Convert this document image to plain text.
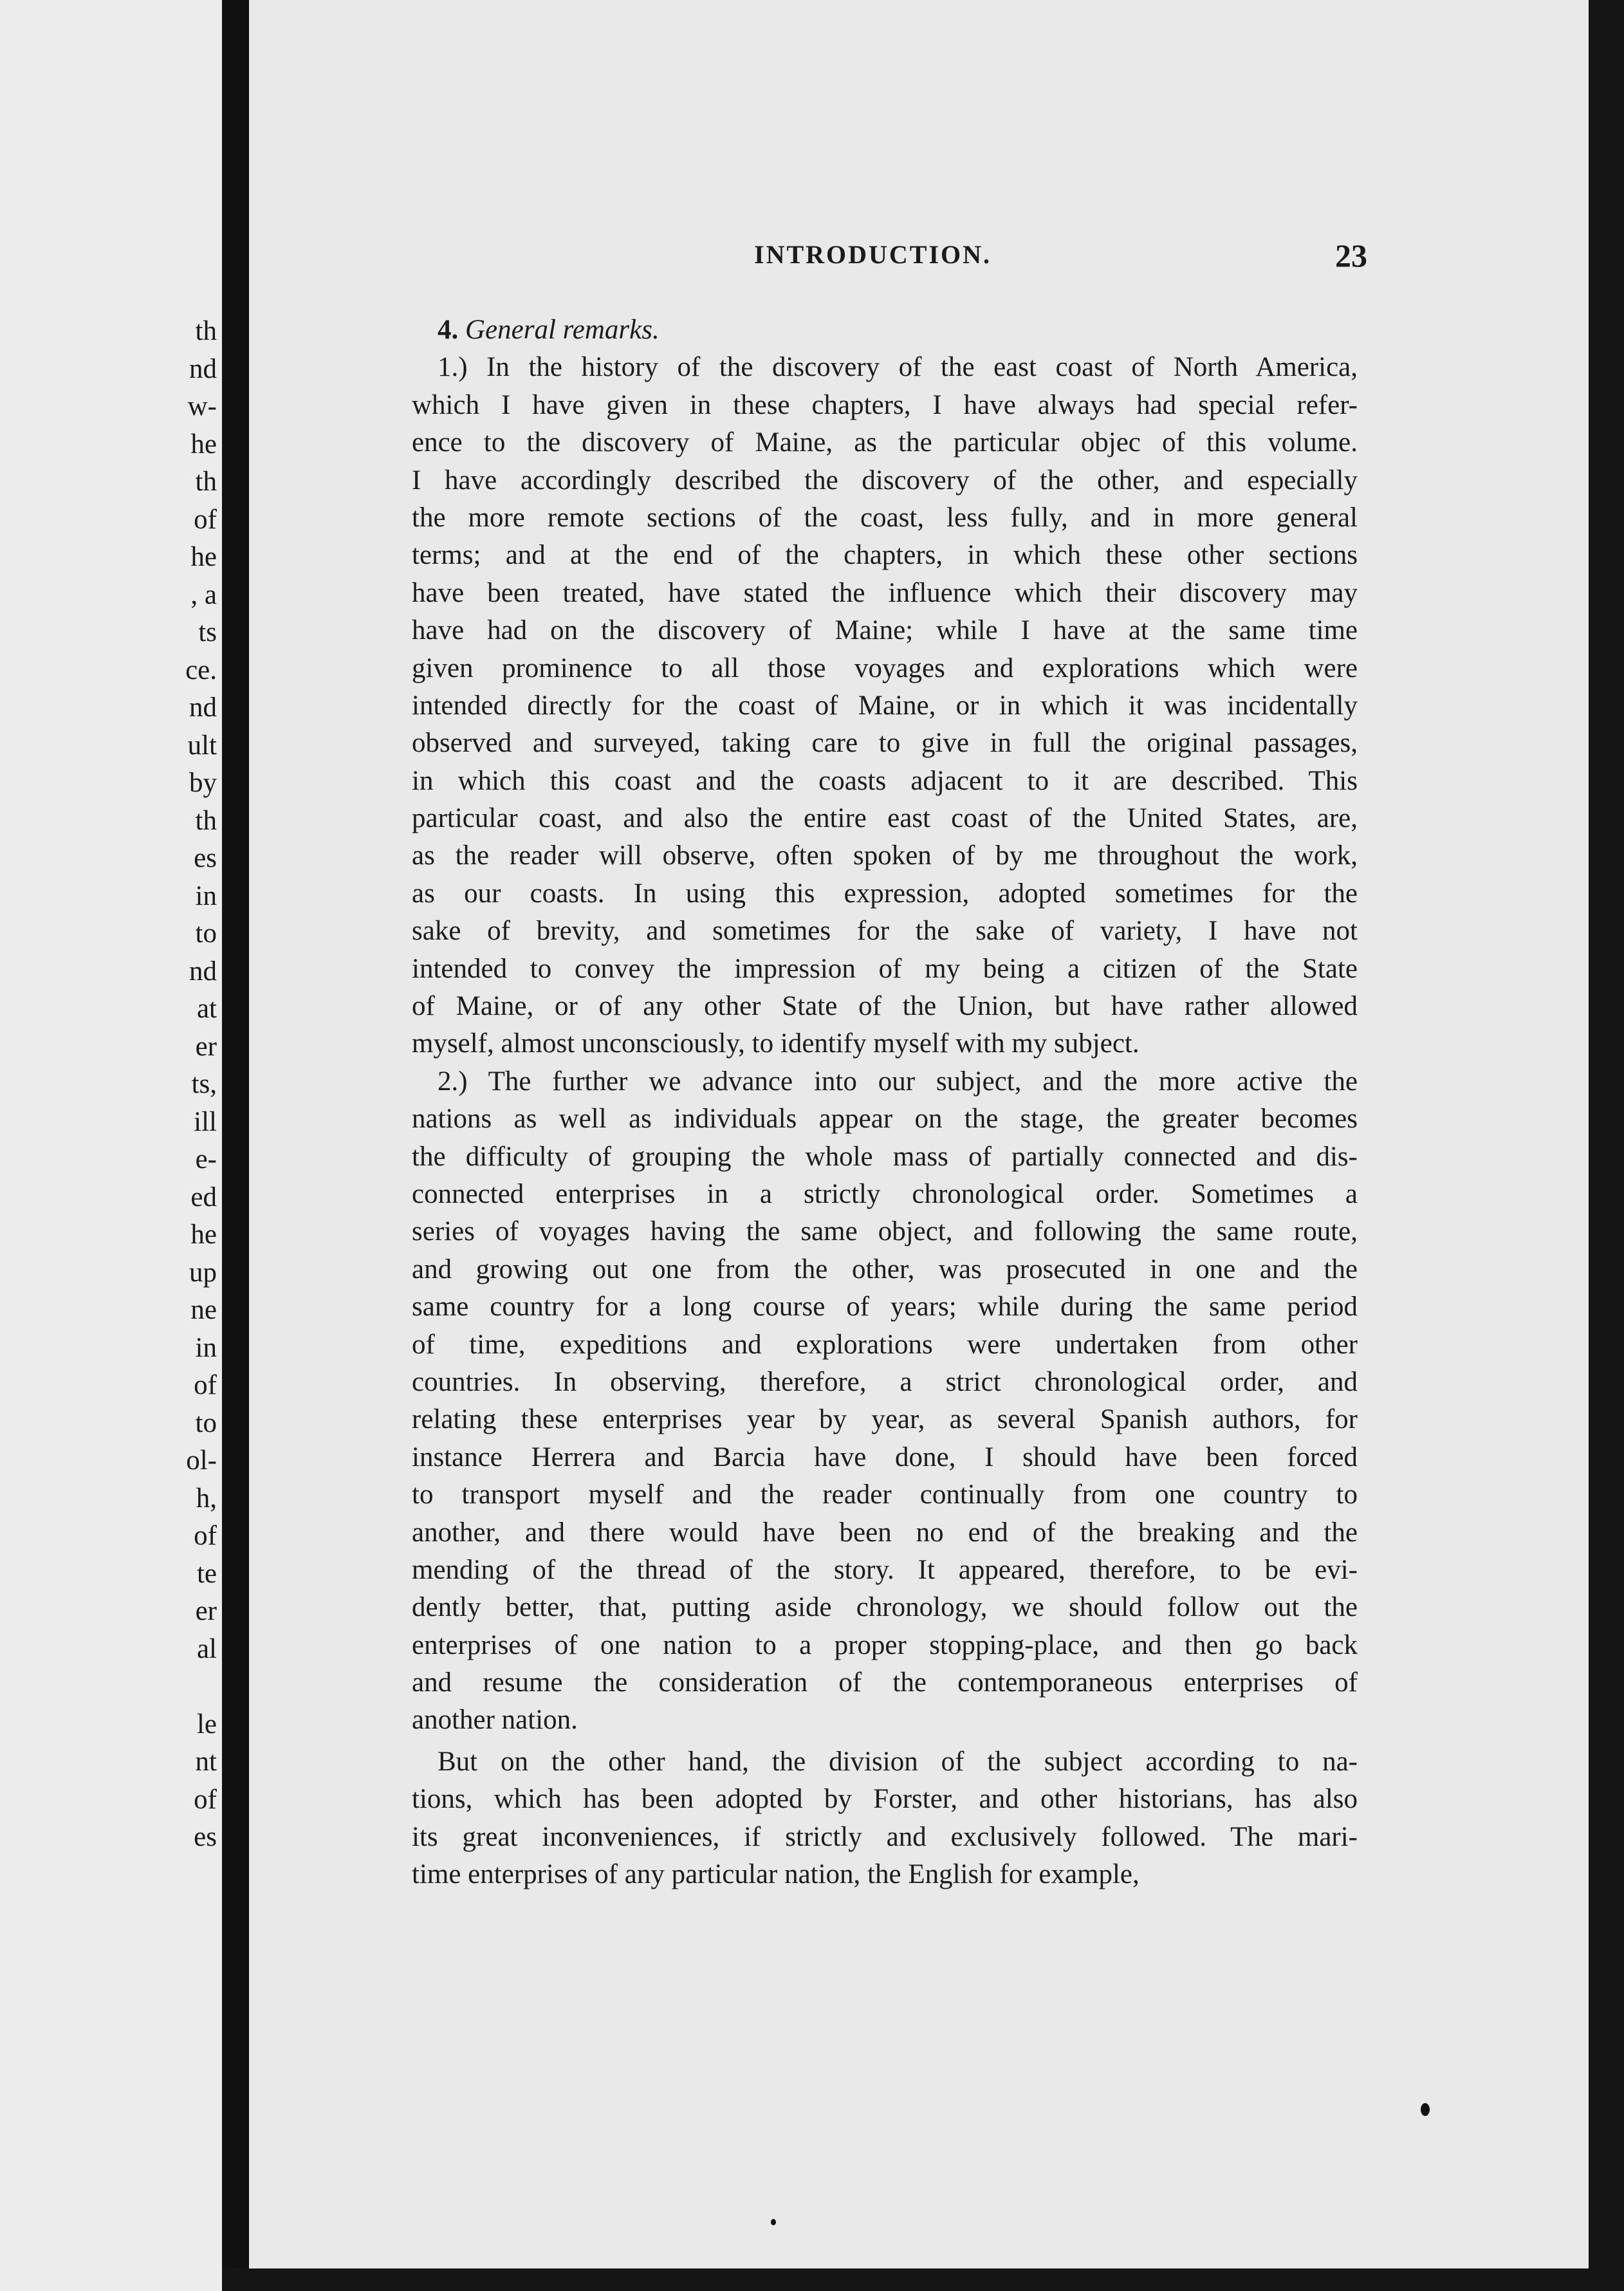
th
nd
w-
he
th
of
he
, a
ts
ce.
nd
ult
by
th
es
in
to
nd
at
er
ts,
ill
e-
ed
he
up
ne
in
of
to
ol-
h,
of
te
er
al
le
nt
of
es
INTRODUCTION.	23
4. General remarks.
1.) In the history of the discovery of the east coast of North America,
which I have given in these chapters, I have always had special refer-
ence to the discovery of Maine, as the particular objec of this volume.
I have accordingly described the discovery of the other, and especially
the more remote sections of the coast, less fully, and in more general
terms; and at the end of the chapters, in which these other sections
have been treated, have stated the influence which their discovery may
have had on the discovery of Maine; while I have at the same time
given prominence to all those voyages and explorations which were
intended directly for the coast of Maine, or in which it was incidentally
observed and surveyed, taking care to give in full the original passages,
in which this coast and the coasts adjacent to it are described. This
particular coast, and also the entire east coast of the United States, are,
as the reader will observe, often spoken of by me throughout the work,
as our coasts. In using this expression, adopted sometimes for the
sake of brevity, and sometimes for the sake of variety, I have not
intended to convey the impression of my being a citizen of the State
of Maine, or of any other State of the Union, but have rather allowed
myself, almost unconsciously, to identify myself with my subject.
2.) The further we advance into our subject, and the more active the
nations as well as individuals appear on the stage, the greater becomes
the difficulty of grouping the whole mass of partially connected and dis-
connected enterprises in a strictly chronological order. Sometimes a
series of voyages having the same object, and following the same route,
and growing out one from the other, was prosecuted in one and the
same country for a long course of years; while during the same period
of time, expeditions and explorations were undertaken from other
countries. In observing, therefore, a strict chronological order, and
relating these enterprises year by year, as several Spanish authors, for
instance Herrera and Barcia have done, I should have been forced
to transport myself and the reader continually from one country to
another, and there would have been no end of the breaking and the
mending of the thread of the story. It appeared, therefore, to be evi-
dently better, that, putting aside chronology, we should follow out the
enterprises of one nation to a proper stopping-place, and then go back
and resume the consideration of the contemporaneous enterprises of
another nation.
But on the other hand, the division of the subject according to na-
tions, which has been adopted by Forster, and other historians, has also
its great inconveniences, if strictly and exclusively followed. The mari-
time enterprises of any particular nation, the English for example,
